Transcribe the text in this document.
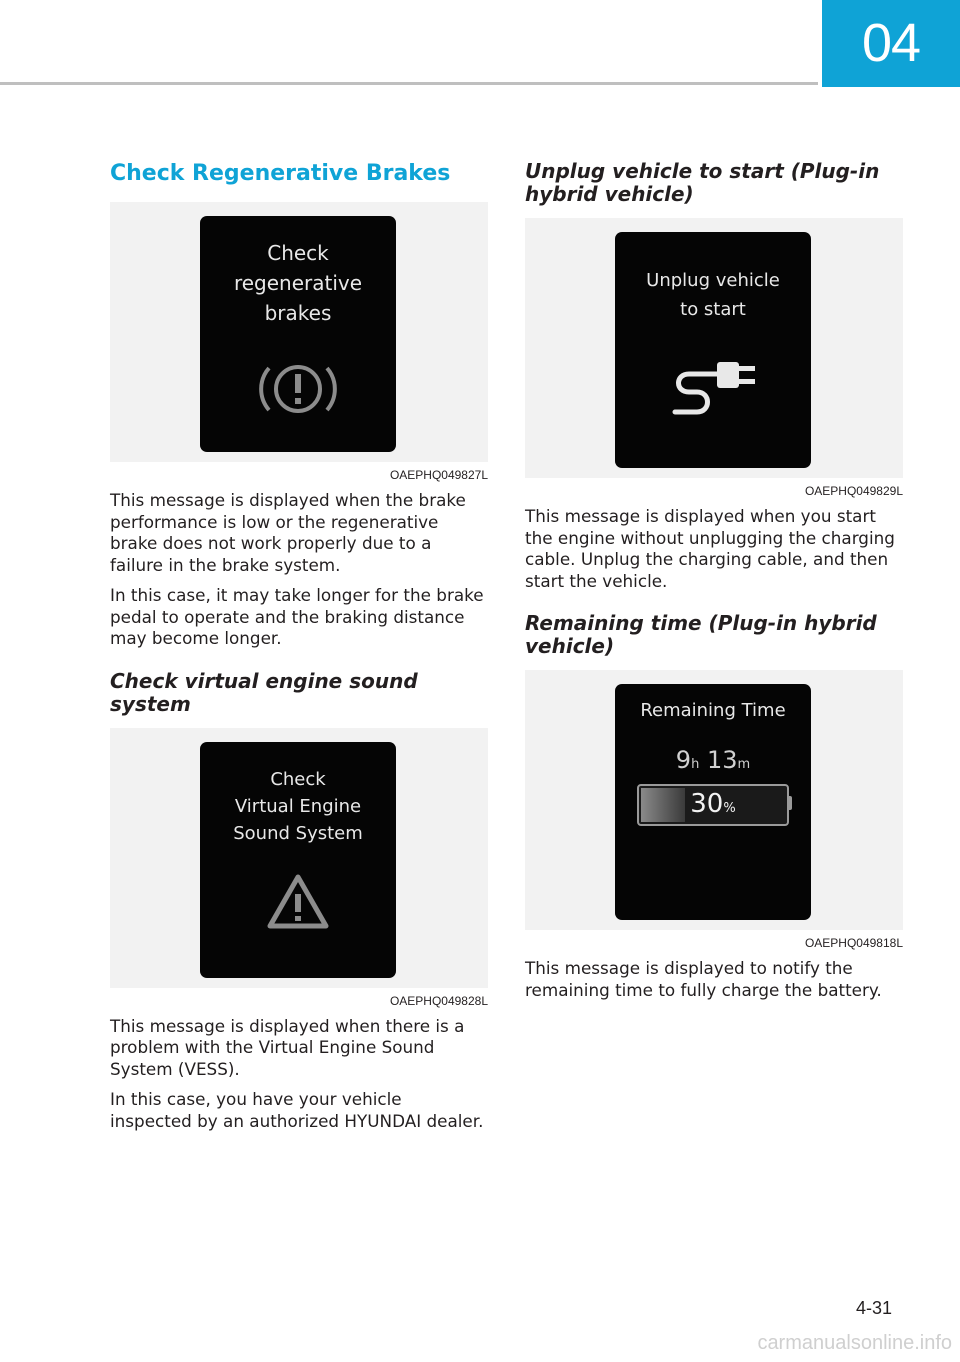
04
Check Regenerative Brakes
Check
regenerative
brakes
OAEPHQ049827L

This message is displayed when the brake performance is low or the regenerative brake does not work properly due to a failure in the brake system.

In this case, it may take longer for the brake pedal to operate and the braking distance may become longer.

Check virtual engine sound system
Check
Virtual Engine
Sound System
OAEPHQ049828L

This message is displayed when there is a problem with the Virtual Engine Sound System (VESS).

In this case, you have your vehicle inspected by an authorized HYUNDAI dealer.

Unplug vehicle to start (Plug-in hybrid vehicle)
Unplug vehicle
to start
OAEPHQ049829L

This message is displayed when you start the engine without unplugging the charging cable. Unplug the charging cable, and then start the vehicle.

Remaining time (Plug-in hybrid vehicle)
Remaining Time
9h 13m
30%
OAEPHQ049818L

This message is displayed to notify the remaining time to fully charge the battery.

4-31
carmanualsonline.info
